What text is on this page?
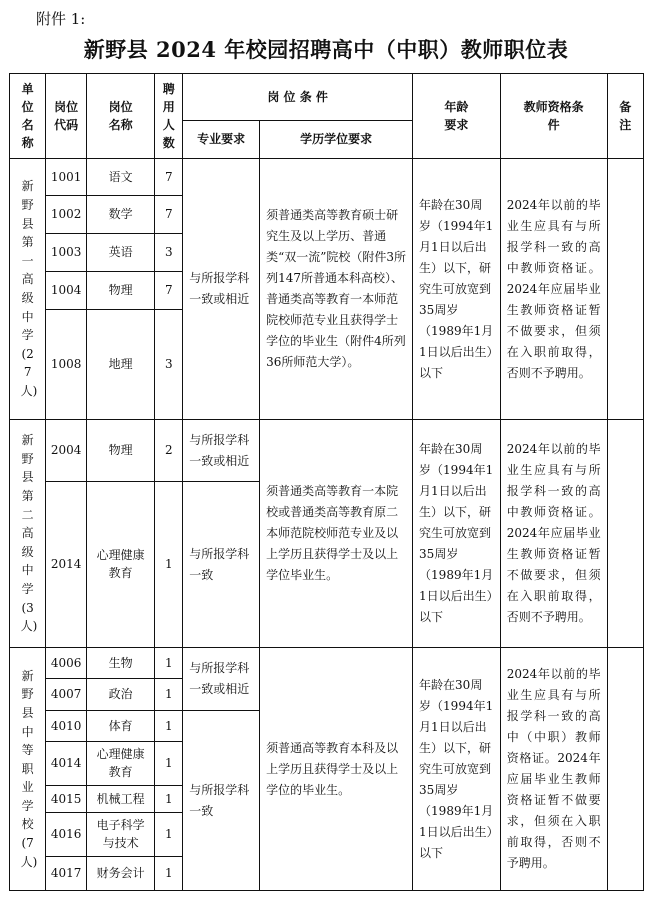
附件 1:
新野县 2024 年校园招聘高中（中职）教师职位表
单位名称	岗位代码	岗位名称	聘用人数	岗 位 条 件		年龄要求	教师资格条件	备注
				专业要求	学历学位要求			
新野县第一高级中学(27人)	1001	语文	7	与所报学科一致或相近	须普通类高等教育硕士研究生及以上学历、普通类“双一流”院校（附件3所列147所普通本科高校）、普通类高等教育一本师范院校师范专业且获得学士学位的毕业生（附件4所列36所师范大学）。	年龄在30周岁（1994年1月1日以后出生）以下，研究生可放宽到35周岁（1989年1月1日以后出生）以下	2024年以前的毕业生应具有与所报学科一致的高中教师资格证。2024年应届毕业生教师资格证暂不做要求，但须在入职前取得，否则不予聘用。	
	1002	数学	7					
	1003	英语	3					
	1004	物理	7					
	1008	地理	3					
新野县第二高级中学(3人)	2004	物理	2	与所报学科一致或相近	须普通类高等教育一本院校或普通类高等教育原二本师范院校师范专业及以上学历且获得学士及以上学位毕业生。	年龄在30周岁（1994年1月1日以后出生）以下，研究生可放宽到35周岁（1989年1月1日以后出生）以下	2024年以前的毕业生应具有与所报学科一致的高中教师资格证。2024年应届毕业生教师资格证暂不做要求，但须在入职前取得，否则不予聘用。	
	2014	心理健康教育	1	与所报学科一致				
新野县中等职业学校(7人)	4006	生物	1	与所报学科一致或相近	须普通高等教育本科及以上学历且获得学士及以上学位的毕业生。	年龄在30周岁（1994年1月1日以后出生）以下，研究生可放宽到35周岁（1989年1月1日以后出生）以下	2024年以前的毕业生应具有与所报学科一致的高中（中职）教师资格证。2024年应届毕业生教师资格证暂不做要求，但须在入职前取得，否则不予聘用。	
	4007	政治	1					
	4010	体育	1	与所报学科一致				
	4014	心理健康教育	1					
	4015	机械工程	1					
	4016	电子科学与技术	1					
	4017	财务会计	1					
